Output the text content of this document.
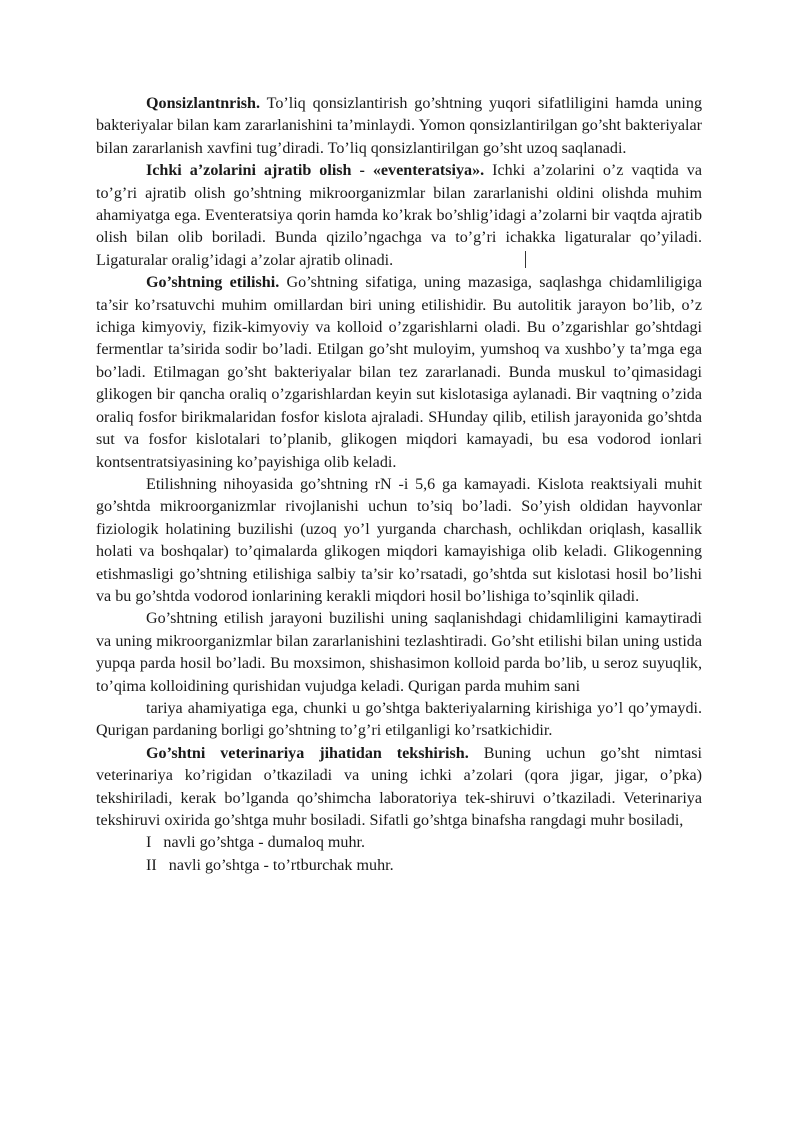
Qonsizlantnrish. To’liq qonsizlantirish go’shtning yuqori sifatliligini hamda uning bakteriyalar bilan kam zararlanishini ta’minlaydi. Yomon qonsizlantirilgan go’sht bakteriyalar bilan zararlanish xavfini tug’diradi. To’liq qonsizlantirilgan go’sht uzoq saqlanadi.

Ichki a’zolarini ajratib olish - «eventeratsiya». Ichki a’zolarini o’z vaqtida va to’g’ri ajratib olish go’shtning mikroorganizmlar bilan zararlanishi oldini olishda muhim ahamiyatga ega. Eventeratsiya qorin hamda ko’krak bo’shlig’idagi a’zolarni bir vaqtda ajratib olish bilan olib boriladi. Bunda qizilo’ngachga va to’g’ri ichakka ligaturalar qo’yiladi. Ligaturalar oralig’idagi a’zolar ajratib olinadi.

Go’shtning etilishi. Go’shtning sifatiga, uning mazasiga, saqlashga chidamliligiga ta’sir ko’rsatuvchi muhim omillardan biri uning etilishidir. Bu autolitik jarayon bo’lib, o’z ichiga kimyoviy, fizik-kimyoviy va kolloid o’zgarishlarni oladi. Bu o’zgarishlar go’shtdagi fermentlar ta’sirida sodir bo’ladi. Etilgan go’sht muloyim, yumshoq va xushbo’y ta’mga ega bo’ladi. Etilmagan go’sht bakteriyalar bilan tez zararlanadi. Bunda muskul to’qimasidagi glikogen bir qancha oraliq o’zgarishlardan keyin sut kislotasiga aylanadi. Bir vaqtning o’zida oraliq fosfor birikmalaridan fosfor kislota ajraladi. SHunday qilib, etilish jarayonida go’shtda sut va fosfor kislotalari to’planib, glikogen miqdori kamayadi, bu esa vodorod ionlari kontsentratsiyasining ko’payishiga olib keladi.

Etilishning nihoyasida go’shtning rN -i 5,6 ga kamayadi. Kislota reaktsiyali muhit go’shtda mikroorganizmlar rivojlanishi uchun to’siq bo’ladi. So’yish oldidan hayvonlar fiziologik holatining buzilishi (uzoq yo’l yurganda charchash, ochlikdan oriqlash, kasallik holati va boshqalar) to’qimalarda glikogen miqdori kamayishiga olib keladi. Glikogenning etishmasligi go’shtning etilishiga salbiy ta’sir ko’rsatadi, go’shtda sut kislotasi hosil bo’lishi va bu go’shtda vodorod ionlarining kerakli miqdori hosil bo’lishiga to’sqinlik qiladi.

Go’shtning etilish jarayoni buzilishi uning saqlanishdagi chidamliligini kamaytiradi va uning mikroorganizmlar bilan zararlanishini tezlashtiradi. Go’sht etilishi bilan uning ustida yupqa parda hosil bo’ladi. Bu moxsimon, shishasimon kolloid parda bo’lib, u seroz suyuqlik, to’qima kolloidining qurishidan vujudga keladi. Qurigan parda muhim sani

tariya ahamiyatiga ega, chunki u go’shtga bakteriyalarning kirishiga yo’l qo’ymaydi. Qurigan pardaning borligi go’shtning to’g’ri etilganligi ko’rsatkichidir.

Go’shtni veterinariya jihatidan tekshirish. Buning uchun go’sht nimtasi veterinariya ko’rigidan o’tkaziladi va uning ichki a’zolari (qora jigar, jigar, o’pka) tekshiriladi, kerak bo’lganda qo’shimcha laboratoriya tek-shiruvi o’tkaziladi. Veterinariya tekshiruvi oxirida go’shtga muhr bosiladi. Sifatli go’shtga binafsha rangdagi muhr bosiladi,

I   navli go’shtga - dumaloq muhr.

II   navli go’shtga - to’rtburchak muhr.
